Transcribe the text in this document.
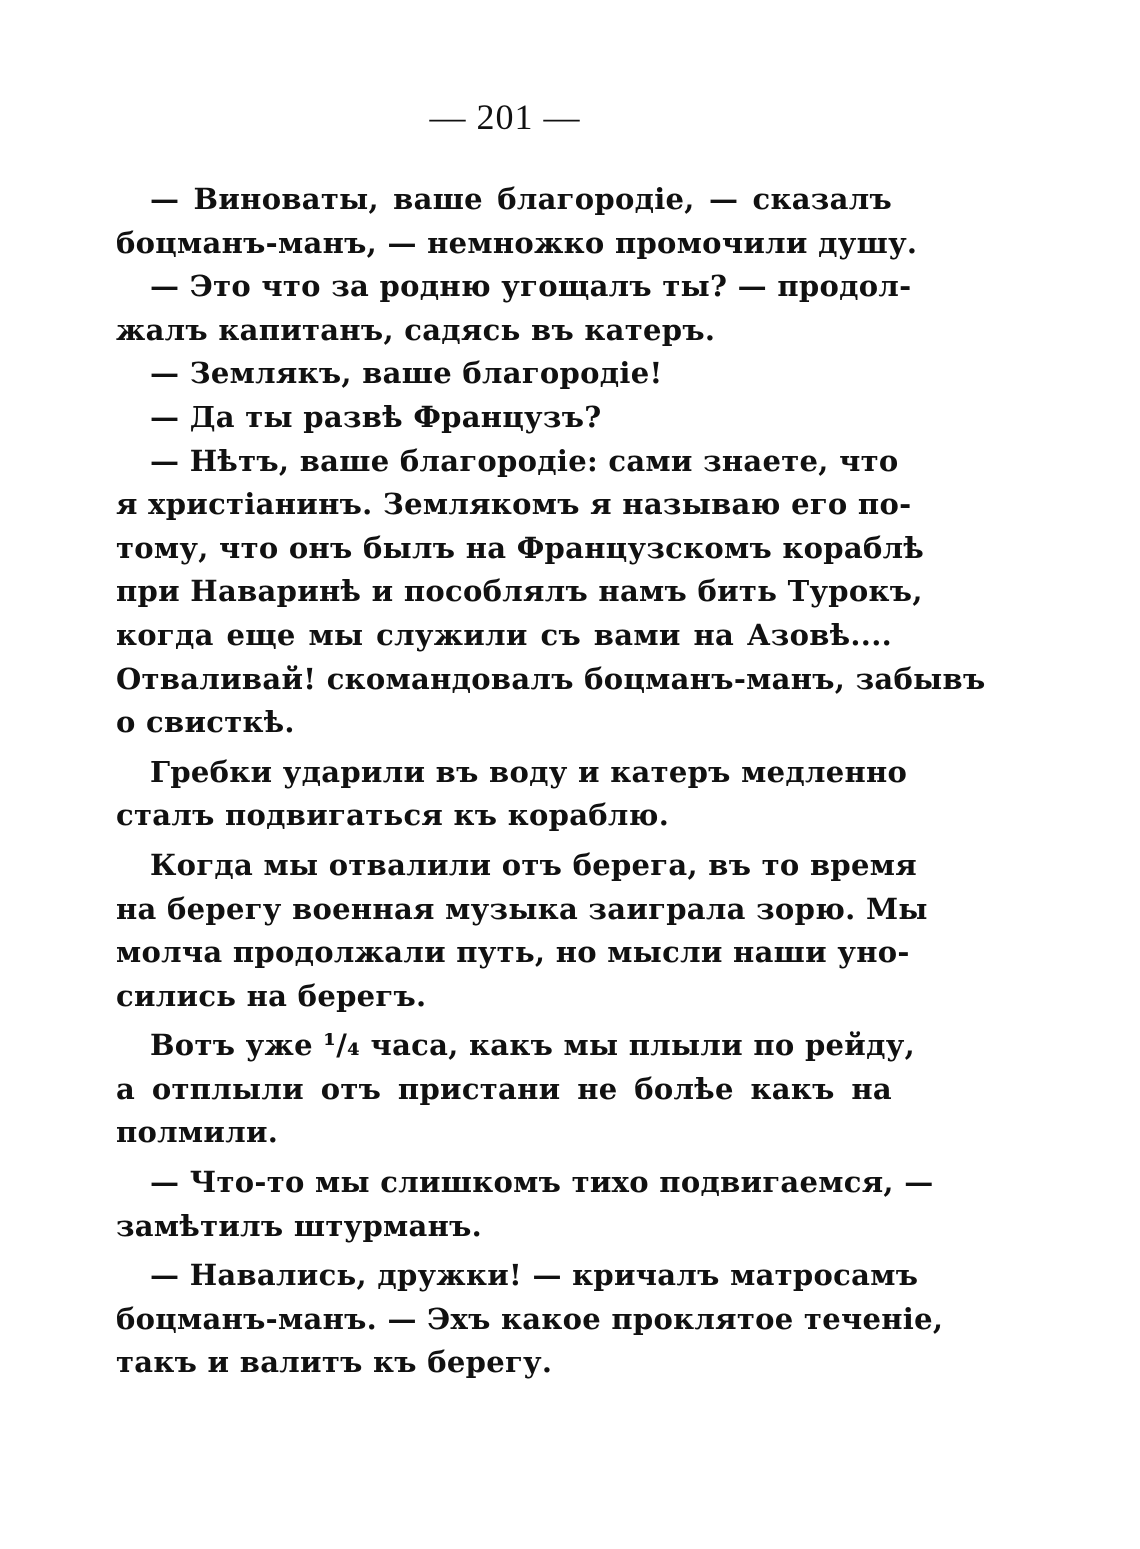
— 201 —
— Виноваты, ваше благородіе, — сказалъ
боцманъ-манъ, — немножко промочили душу.
— Это что за родню угощалъ ты? — продол-
жалъ капитанъ, садясь въ катеръ.
— Землякъ, ваше благородіе!
— Да ты развѣ Французъ?
— Нѣтъ, ваше благородіе: сами знаете, что
я христіанинъ. Землякомъ я называю его по-
тому, что онъ былъ на Французскомъ кораблѣ
при Наваринѣ и пособлялъ намъ бить Турокъ,
когда еще мы служили съ вами на Азовѣ....
Отваливай! скомандовалъ боцманъ-манъ, забывъ
о свисткѣ.
Гребки ударили въ воду и катеръ медленно
сталъ подвигаться къ кораблю.
Когда мы отвалили отъ берега, въ то время
на берегу военная музыка заиграла зорю. Мы
молча продолжали путь, но мысли наши уно-
сились на берегъ.
Вотъ уже ¹/₄ часа, какъ мы плыли по рейду,
а отплыли отъ пристани не болѣе какъ на
полмили.
— Что-то мы слишкомъ тихо подвигаемся, —
замѣтилъ штурманъ.
— Навались, дружки! — кричалъ матросамъ
боцманъ-манъ. — Эхъ какое проклятое теченіе,
такъ и валитъ къ берегу.
